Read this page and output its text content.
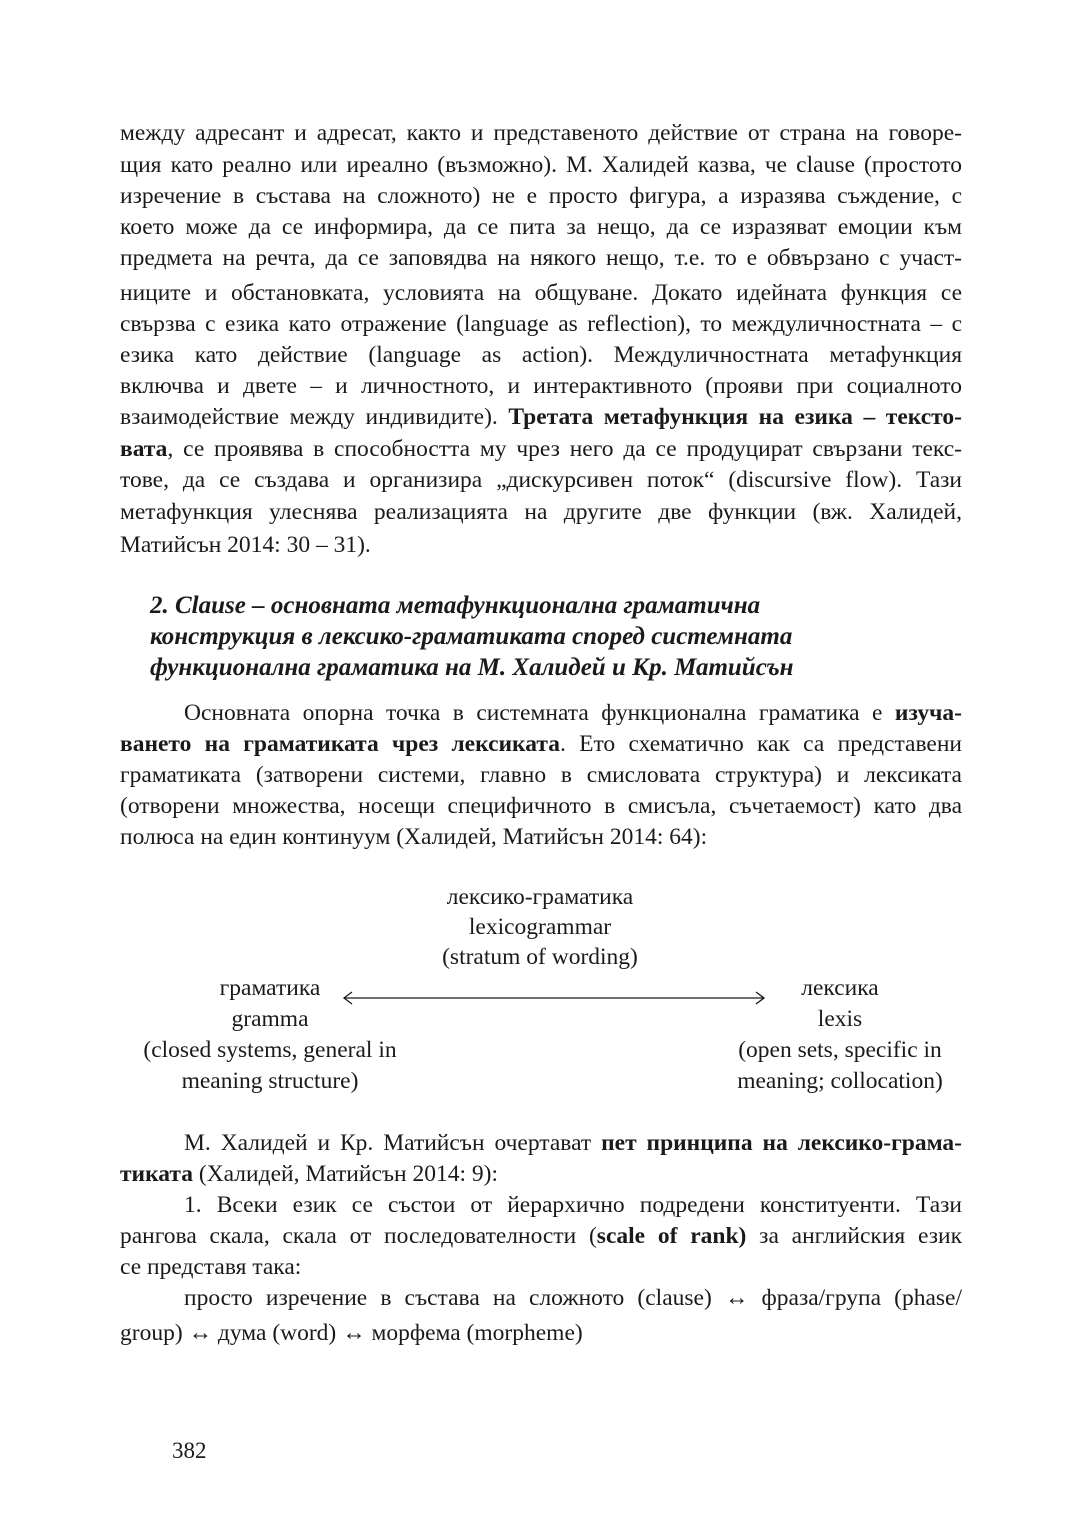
между адресант и адресат, както и представеното действие от страна на говоре-
щия като реално или иреално (възможно). М. Халидей казва, че clause (простото
изречение в състава на сложното) не е просто фигура, а изразява съждение, с
което може да се информира, да се пита за нещо, да се изразяват емоции към
предмета на речта, да се заповядва на някого нещо, т.е. то е обвързано с участ-
ниците и обстановката, условията на общуване. Докато идейната функция се
свързва с езика като отражение (language as reflection), то междуличностната – с
езика като действие (language as action). Междуличностната метафункция
включва и двете – и личностното, и интерактивното (прояви при социалното
взаимодействие между индивидите). Третата метафункция на езика – тексто-
вата, се проявява в способността му чрез него да се продуцират свързани текс-
тове, да се създава и организира „дискурсивен поток“ (discursive flow). Тази
метафункция улеснява реализацията на другите две функции (вж. Халидей,
Матийсън 2014: 30 – 31).
2. Clause – основната метафункционална граматична
конструкция в лексико-граматиката според системната
функционална граматика на М. Халидей и Кр. Матийсън
Основната опорна точка в системната функционална граматика е изуча-
ването на граматиката чрез лексиката. Ето схематично как са представени
граматиката (затворени системи, главно в смисловата структура) и лексиката
(отворени множества, носещи специфичното в смисъла, съчетаемост) като два
полюса на един континуум (Халидей, Матийсън 2014: 64):
лексико-граматика
lexicogrammar
(stratum of wording)
граматика
gramma
(closed systems, general in
meaning structure)
лексика
lexis
(open sets, specific in
meaning; collocation)
М. Халидей и Кр. Матийсън очертават пет принципа на лексико-грама-
тиката (Халидей, Матийсън 2014: 9):
1. Всеки език се състои от йерархично подредени конституенти. Тази
рангова скала, скала от последователности (scale of rank) за английския език
се представя така:
просто изречение в състава на сложното (clause) ↔ фраза/група (phase/
group) ↔ дума (word) ↔ морфема (morpheme)
382
